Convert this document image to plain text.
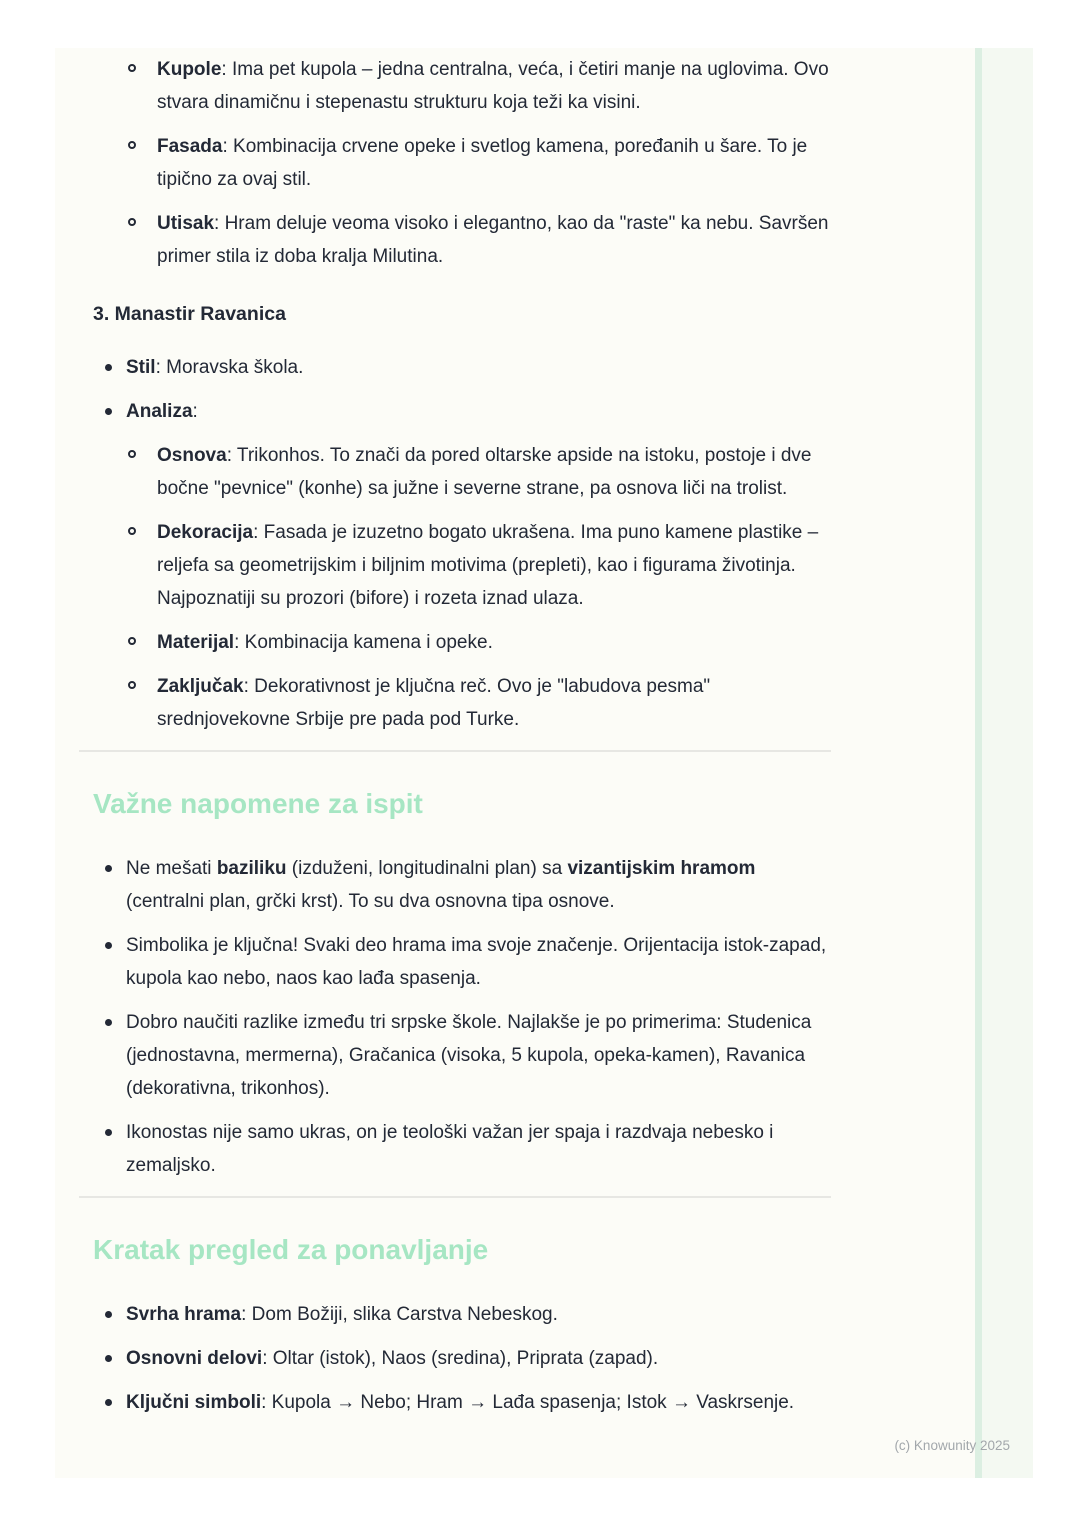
Kupole: Ima pet kupola – jedna centralna, veća, i četiri manje na uglovima. Ovo stvara dinamičnu i stepenastu strukturu koja teži ka visini.
Fasada: Kombinacija crvene opeke i svetlog kamena, poređanih u šare. To je tipično za ovaj stil.
Utisak: Hram deluje veoma visoko i elegantno, kao da "raste" ka nebu. Savršen primer stila iz doba kralja Milutina.
3. Manastir Ravanica
Stil: Moravska škola.
Analiza:
Osnova: Trikonhos. To znači da pored oltarske apside na istoku, postoje i dve bočne "pevnice" (konhe) sa južne i severne strane, pa osnova liči na trolist.
Dekoracija: Fasada je izuzetno bogato ukrašena. Ima puno kamene plastike – reljefa sa geometrijskim i biljnim motivima (prepleti), kao i figurama životinja. Najpoznatiji su prozori (bifore) i rozeta iznad ulaza.
Materijal: Kombinacija kamena i opeke.
Zaključak: Dekorativnost je ključna reč. Ovo je "labudova pesma" srednjovekovne Srbije pre pada pod Turke.
Važne napomene za ispit
Ne mešati baziliku (izduženi, longitudinalni plan) sa vizantijskim hramom (centralni plan, grčki krst). To su dva osnovna tipa osnove.
Simbolika je ključna! Svaki deo hrama ima svoje značenje. Orijentacija istok-zapad, kupola kao nebo, naos kao lađa spasenja.
Dobro naučiti razlike između tri srpske škole. Najlakše je po primerima: Studenica (jednostavna, mermerna), Gračanica (visoka, 5 kupola, opeka-kamen), Ravanica (dekorativna, trikonhos).
Ikonostas nije samo ukras, on je teološki važan jer spaja i razdvaja nebesko i zemaljsko.
Kratak pregled za ponavljanje
Svrha hrama: Dom Božiji, slika Carstva Nebeskog.
Osnovni delovi: Oltar (istok), Naos (sredina), Priprata (zapad).
Ključni simboli: Kupola → Nebo; Hram → Lađa spasenja; Istok → Vaskrsenje.
(c) Knowunity 2025
